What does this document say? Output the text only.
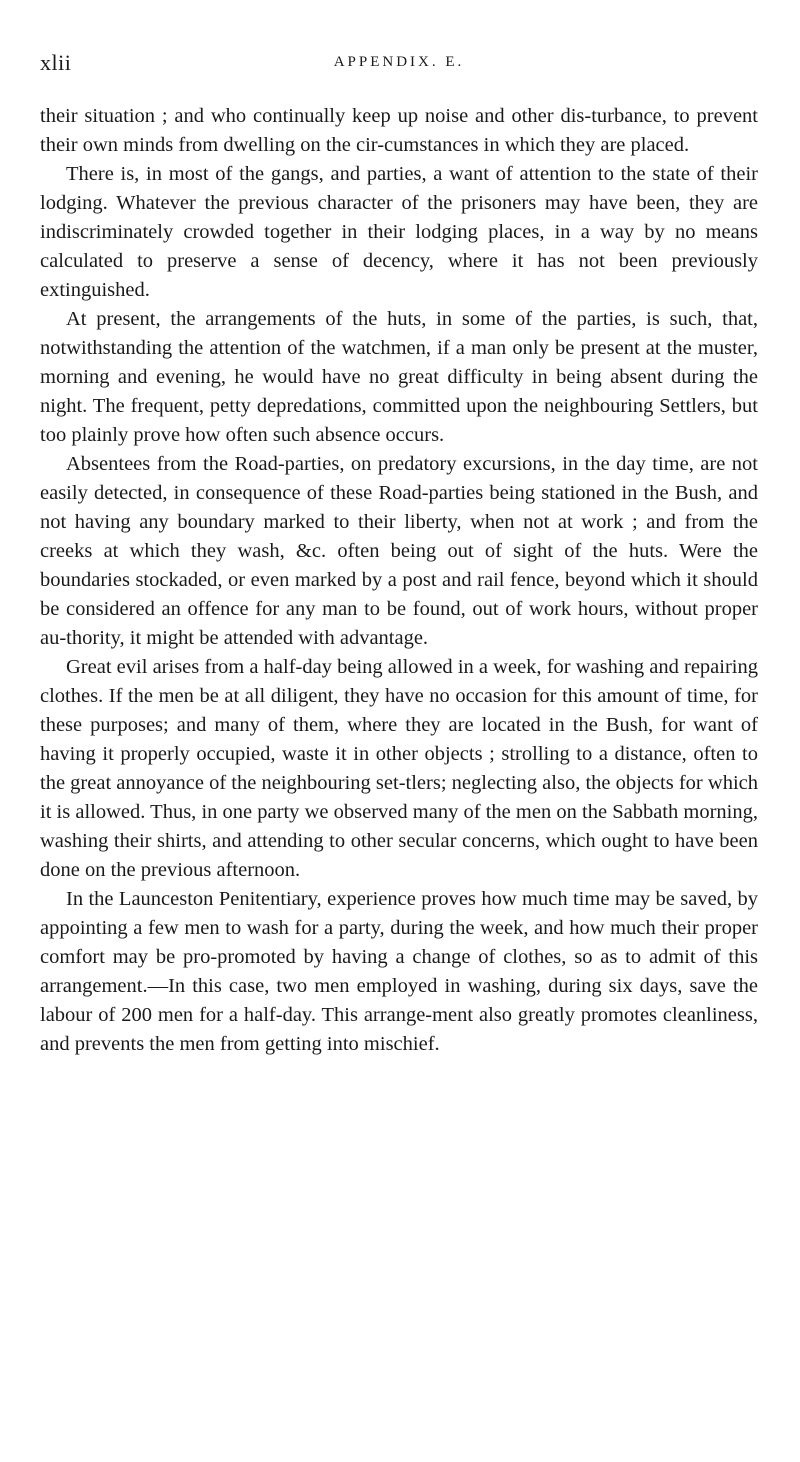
xlii	APPENDIX. E.

their situation ; and who continually keep up noise and other dis-turbance, to prevent their own minds from dwelling on the cir-cumstances in which they are placed.

There is, in most of the gangs, and parties, a want of attention to the state of their lodging. Whatever the previous character of the prisoners may have been, they are indiscriminately crowded together in their lodging places, in a way by no means calculated to preserve a sense of decency, where it has not been previously extinguished.

At present, the arrangements of the huts, in some of the parties, is such, that, notwithstanding the attention of the watchmen, if a man only be present at the muster, morning and evening, he would have no great difficulty in being absent during the night. The frequent, petty depredations, committed upon the neighbouring Settlers, but too plainly prove how often such absence occurs.

Absentees from the Road-parties, on predatory excursions, in the day time, are not easily detected, in consequence of these Road-parties being stationed in the Bush, and not having any boundary marked to their liberty, when not at work ; and from the creeks at which they wash, &c. often being out of sight of the huts. Were the boundaries stockaded, or even marked by a post and rail fence, beyond which it should be considered an offence for any man to be found, out of work hours, without proper au-thority, it might be attended with advantage.

Great evil arises from a half-day being allowed in a week, for washing and repairing clothes. If the men be at all diligent, they have no occasion for this amount of time, for these purposes; and many of them, where they are located in the Bush, for want of having it properly occupied, waste it in other objects ; strolling to a distance, often to the great annoyance of the neighbouring set-tlers; neglecting also, the objects for which it is allowed. Thus, in one party we observed many of the men on the Sabbath morning, washing their shirts, and attending to other secular concerns, which ought to have been done on the previous afternoon.

In the Launceston Penitentiary, experience proves how much time may be saved, by appointing a few men to wash for a party, during the week, and how much their proper comfort may be pro-promoted by having a change of clothes, so as to admit of this arrangement.—In this case, two men employed in washing, during six days, save the labour of 200 men for a half-day. This arrange-ment also greatly promotes cleanliness, and prevents the men from getting into mischief.
